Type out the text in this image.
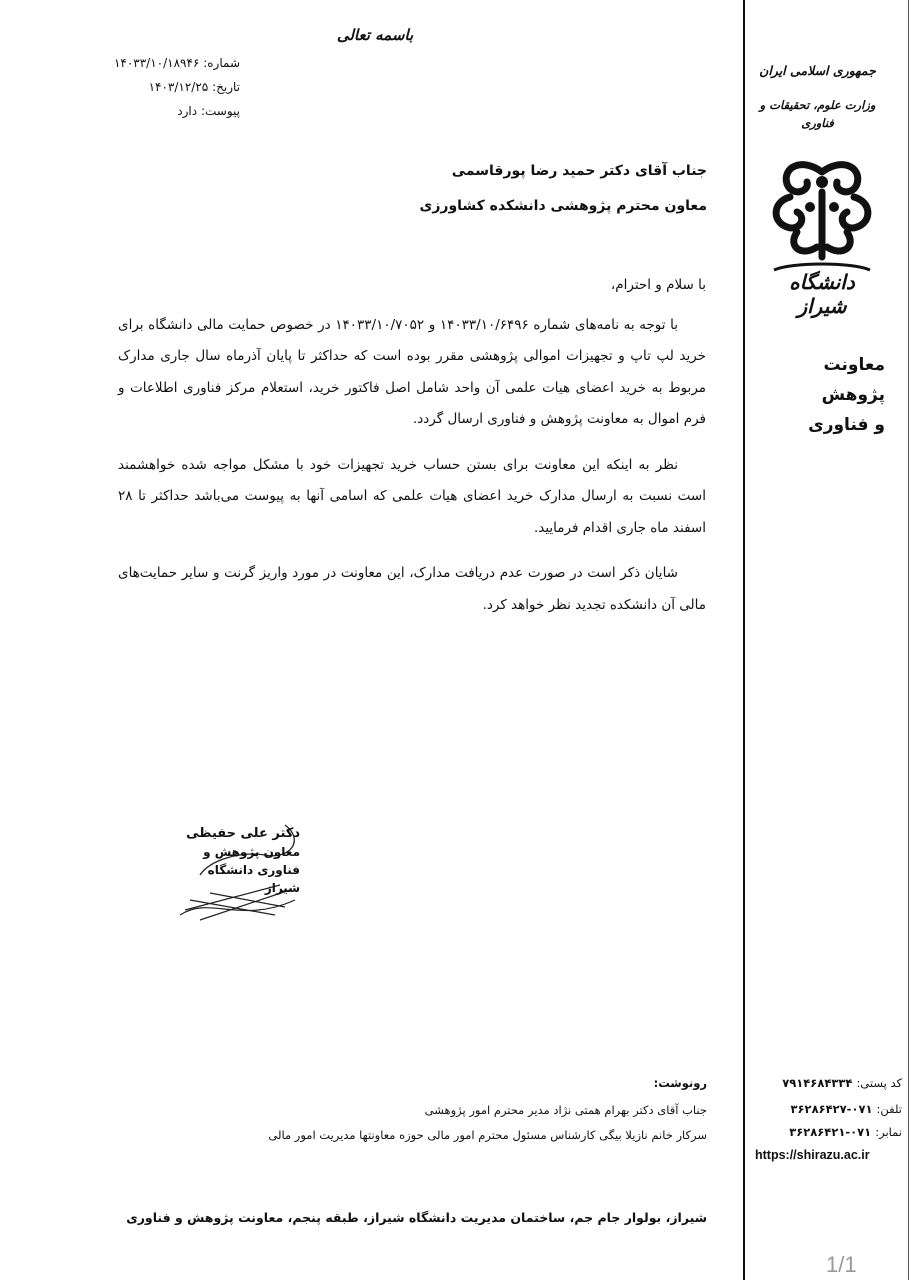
باسمه تعالی
شماره: ۱۴۰۳۳/۱۰/۱۸۹۴۶
تاریخ: ۱۴۰۳/۱۲/۲۵
پیوست: دارد
جمهوری اسلامی ایران
وزارت علوم، تحقیقات و فناوری
دانشگاه شیراز
معاونت پژوهش
و فناوری
کد پستی: ۷۹۱۴۶۸۴۳۳۴
تلفن: ۰۷۱-۳۶۲۸۶۴۲۷
نمابر: ۰۷۱-۳۶۲۸۶۴۲۱
https://shirazu.ac.ir
جناب آقای دکتر حمید رضا پورقاسمی
معاون محترم پژوهشی دانشکده کشاورزی

با سلام و احترام،

با توجه به نامه‌های شماره ۱۴۰۳۳/۱۰/۶۴۹۶ و ۱۴۰۳۳/۱۰/۷۰۵۲ در خصوص حمایت مالی دانشگاه برای خرید لپ تاپ و تجهیزات اموالی پژوهشی مقرر بوده است که حداکثر تا پایان آذرماه سال جاری مدارک مربوط به خرید اعضای هیات علمی آن واحد شامل اصل فاکتور خرید، استعلام مرکز فناوری اطلاعات و فرم اموال به معاونت پژوهش و فناوری ارسال گردد.

نظر به اینکه این معاونت برای بستن حساب خرید تجهیزات خود با مشکل مواجه شده خواهشمند است نسبت به ارسال مدارک خرید اعضای هیات علمی که اسامی آنها به پیوست می‌باشد حداکثر تا ۲۸ اسفند ماه جاری اقدام فرمایید.

شایان ذکر است در صورت عدم دریافت مدارک، این معاونت در مورد واریز گرنت و سایر حمایت‌های مالی آن دانشکده تجدید نظر خواهد کرد.

دکتر علی حفیظی
معاون پژوهش و
فناوری دانشگاه شیراز
رونوشت:
جناب آقای دکتر بهرام همتی نژاد مدیر محترم امور پژوهشی
سرکار خانم نازیلا بیگی کارشناس مسئول محترم امور مالی حوزه معاونتها مدیریت امور مالی
شیراز، بولوار جام جم، ساختمان مدیریت دانشگاه شیراز، طبقه پنجم، معاونت پژوهش و فناوری
1/1
